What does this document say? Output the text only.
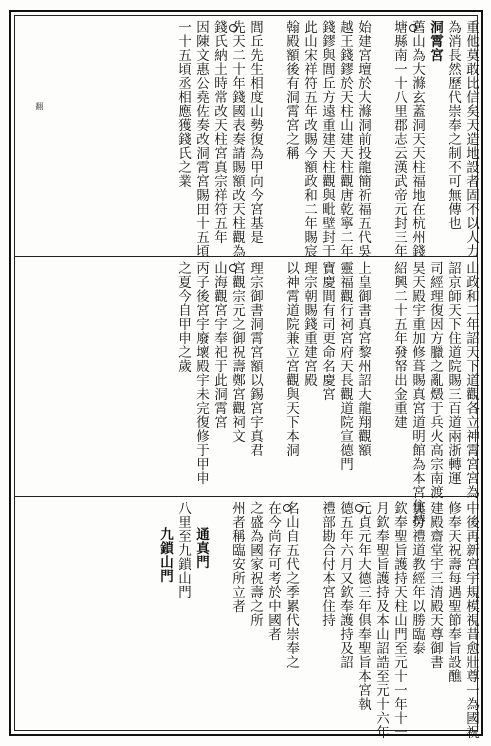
重他莫敢比信矣天造地設者固不以人力
為消長然歷代崇奉之制不可無傳也
洞霄宮
舊山為大滌玄蓋洞天天柱福地在杭州錢
塘縣南一十八里郡志云漢武帝元封三年
始建宮壇於大滌洞前投龍簡祈福五代吳
越王錢鏐於天柱山建天柱觀唐乾寧二年
錢鏐與閭丘方遠重建天柱觀與毗壁封于
此山宋祥符五年改賜今額政和二年賜宸
翰殿額後有洞霄宮之稱
閭丘先生相度山勢復為甲向今宮基是
先天二十年錢國表奏請賜額改天柱觀為
錢氏納土時常改天柱宮真宗祥符五年
因陳文惠公堯佐奏改洞霄宮賜田十五頃
一十五頃丞相應獲錢氏之業
翻
山政和二年詔天下道觀各立神霄宮宮為
詔京師天下住道院賜三百道兩浙轉運
司經理復因方臘之亂燬于兵火高宗南渡
昊天殿宇重加修葺賜真宮道明館為本宮住持
紹興二十五年發帑出金重建
上皇御書真宮黎州詔大龍翔觀額
靈福觀行祠宮府天長觀道院宣德門
寶慶間有司更命名慶宮
理宗朝賜錢重建宮殿
以神霄道院兼立宮觀與天下本洞
理宗御書洞霄宮額以錫宮宇真君
宮觀宗元之御祝壽鄭宮觀祠文
山海觀宮宇奉祀于此洞霄宮
丙子後宮宇廢壞殿宇未完復修于甲申
之夏今自甲申之歲
中後再新宮宇規模視昔愈壯尊一為國祝
修奉天祝壽每遇聖節奉旨設醮
建殿齋堂宇三清殿天尊御書
裏勞禮道教經年以勝臨泰
欽奉聖旨護持天柱山門至元十一年十一
月欽奉聖旨護持及本山詔誥至元十六年
元貞元年大德三年俱奉聖旨本宮執
德五年六月又欽奉護持及詔
禮部勘合付本宮住持
名山自五代之季累代崇奉之
在今尚存可考於中國者
之盛為國家祝壽之所
州者稱臨安所立者
通真門
九鎖山門 八里至九鎖山門
